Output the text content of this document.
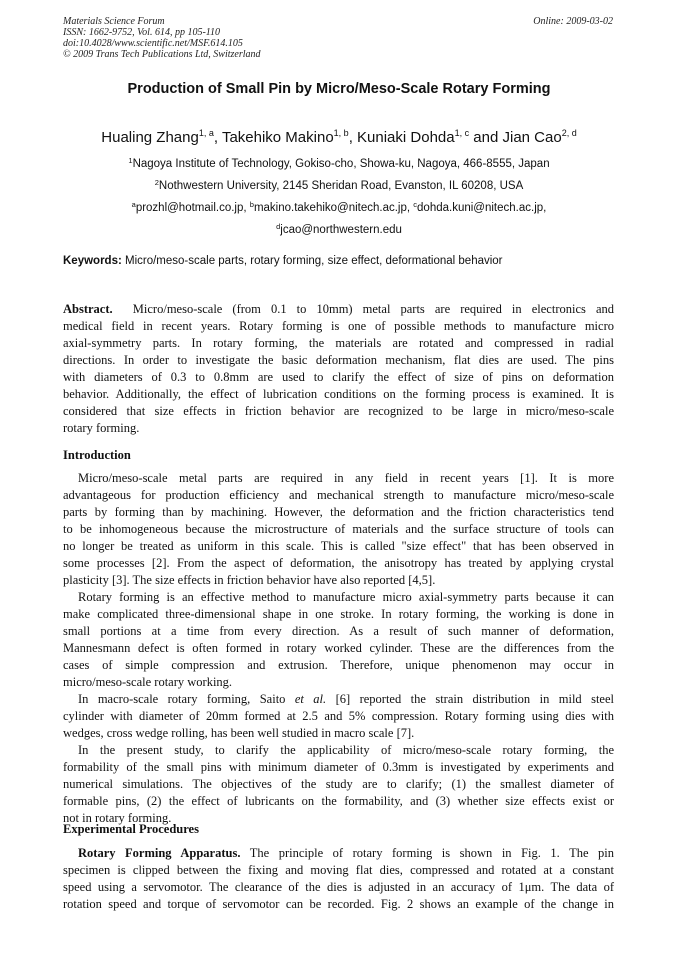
Materials Science Forum
ISSN: 1662-9752, Vol. 614, pp 105-110
doi:10.4028/www.scientific.net/MSF.614.105
© 2009 Trans Tech Publications Ltd, Switzerland
Online: 2009-03-02
Production of Small Pin by Micro/Meso-Scale Rotary Forming
Hualing Zhang$^{1, a}$, Takehiko Makino$^{1, b}$, Kuniaki Dohda$^{1, c}$ and Jian Cao$^{2, d}$
$^1$Nagoya Institute of Technology, Gokiso-cho, Showa-ku, Nagoya, 466-8555, Japan
$^2$Nothwestern University, 2145 Sheridan Road, Evanston, IL 60208, USA
$^a$prozhl@hotmail.co.jp, $^b$makino.takehiko@nitech.ac.jp, $^c$dohda.kuni@nitech.ac.jp,
$^d$jcao@northwestern.edu
Keywords: Micro/meso-scale parts, rotary forming, size effect, deformational behavior

Abstract.  Micro/meso-scale (from 0.1 to 10mm) metal parts are required in electronics and

medical field in recent years. Rotary forming is one of possible methods to manufacture micro

axial-symmetry parts. In rotary forming, the materials are rotated and compressed in radial

directions. In order to investigate the basic deformation mechanism, flat dies are used. The pins

with diameters of 0.3 to 0.8mm are used to clarify the effect of size of pins on deformation

behavior. Additionally, the effect of lubrication conditions on the forming process is examined. It is

considered that size effects in friction behavior are recognized to be large in micro/meso-scale

rotary forming.

Introduction

Micro/meso-scale metal parts are required in any field in recent years [1]. It is more

advantageous for production efficiency and mechanical strength to manufacture micro/meso-scale

parts by forming than by machining. However, the deformation and the friction characteristics tend

to be inhomogeneous because the microstructure of materials and the surface structure of tools can

no longer be treated as uniform in this scale. This is called "size effect" that has been observed in

some processes [2]. From the aspect of deformation, the anisotropy has treated by applying crystal

plasticity [3]. The size effects in friction behavior have also reported [4,5].

Rotary forming is an effective method to manufacture micro axial-symmetry parts because it can

make complicated three-dimensional shape in one stroke. In rotary forming, the working is done in

small portions at a time from every direction. As a result of such manner of deformation,

Mannesmann defect is often formed in rotary worked cylinder. These are the differences from the

cases of simple compression and extrusion. Therefore, unique phenomenon may occur in

micro/meso-scale rotary working.

In macro-scale rotary forming, Saito et al. [6] reported the strain distribution in mild steel

cylinder with diameter of 20mm formed at 2.5 and 5% compression. Rotary forming using dies with

wedges, cross wedge rolling, has been well studied in macro scale [7].

In the present study, to clarify the applicability of micro/meso-scale rotary forming, the

formability of the small pins with minimum diameter of 0.3mm is investigated by experiments and

numerical simulations. The objectives of the study are to clarify; (1) the smallest diameter of

formable pins, (2) the effect of lubricants on the formability, and (3) whether size effects exist or

not in rotary forming.

Experimental Procedures

Rotary Forming Apparatus. The principle of rotary forming is shown in Fig. 1. The pin

specimen is clipped between the fixing and moving flat dies, compressed and rotated at a constant

speed using a servomotor. The clearance of the dies is adjusted in an accuracy of 1μm. The data of

rotation speed and torque of servomotor can be recorded. Fig. 2 shows an example of the change in
